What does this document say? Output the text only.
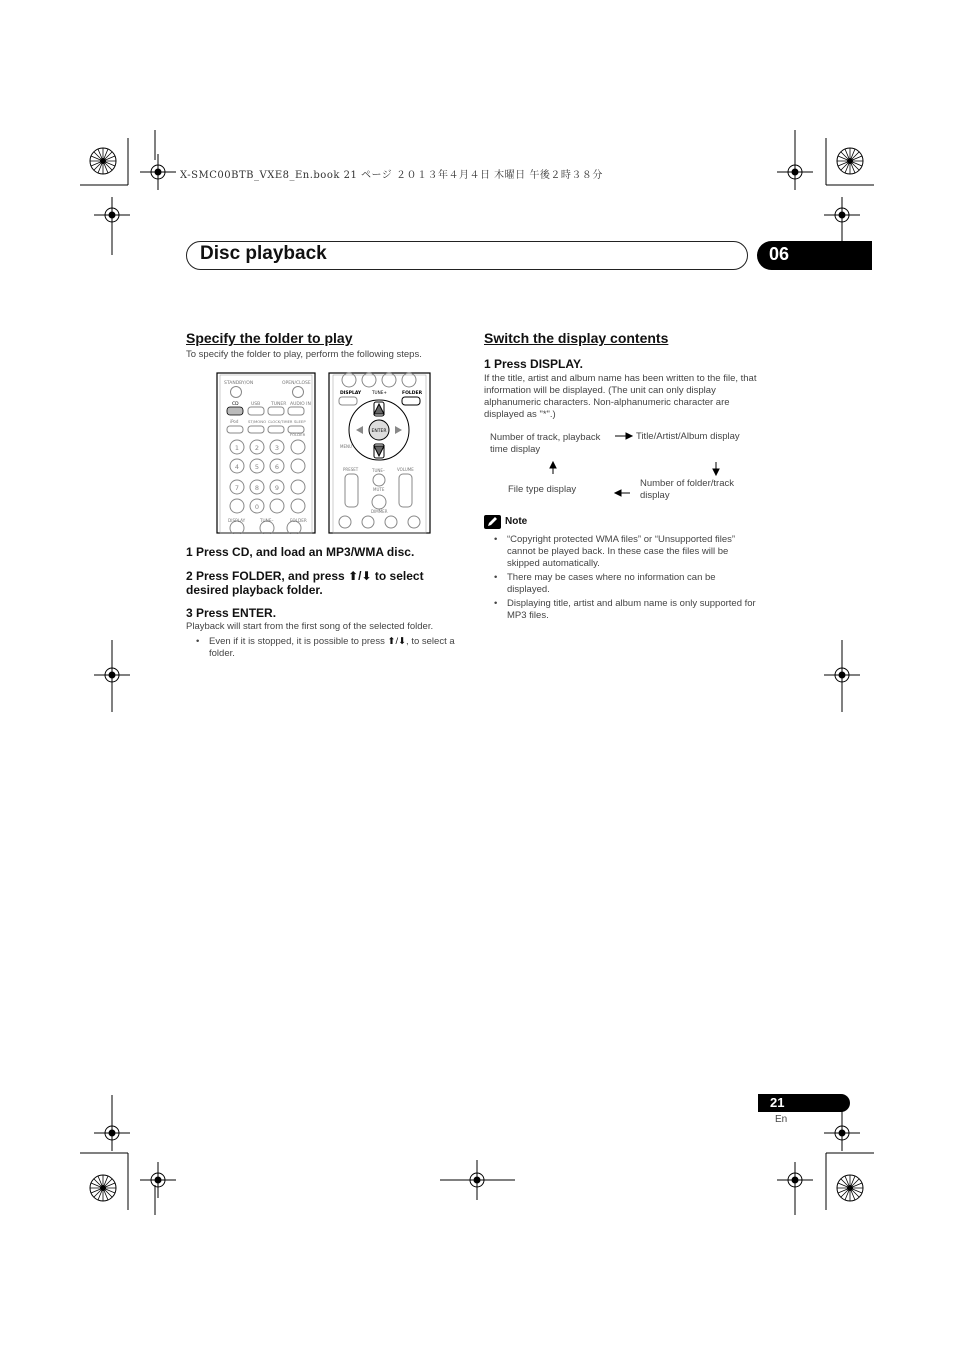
X-SMC00BTB_VXE8_En.book 21 ページ ２０１３年４月４日 木曜日 午後２時３８分
Disc playback	06
Specify the folder to play
To specify the folder to play, perform the following steps.
STANDBY/ON	OPEN/CLOSE
CD	USB TUNER AUDIO IN
iPod	ST/MONO CLOCK/TIMER SLEEP
1 2 3
4 5 6
7 8 9
0
FOLDER
DISPLAY	TUNE–	FOLDER
DISPLAY	TUNE+	FOLDER
ENTER
MENU
TUNE–
PRESET	VOLUME
MUTE
DIMMER
1 Press CD, and load an MP3/WMA disc.
2 Press FOLDER, and press ⬆/⬇ to select desired playback folder.
3 Press ENTER.
Playback will start from the first song of the selected folder.
• Even if it is stopped, it is possible to press ⬆/⬇, to select a folder.
Switch the display contents
1 Press DISPLAY.
If the title, artist and album name has been written to the file, that information will be displayed. (The unit can only display alphanumeric characters. Non-alphanumeric character are displayed as "*".)
Number of track, playback time display
Title/Artist/Album display
File type display
Number of folder/track display
Note
• “Copyright protected WMA files” or “Unsupported files” cannot be played back. In these case the files will be skipped automatically.
• There may be cases where no information can be displayed.
• Displaying title, artist and album name is only supported for MP3 files.
21
En
